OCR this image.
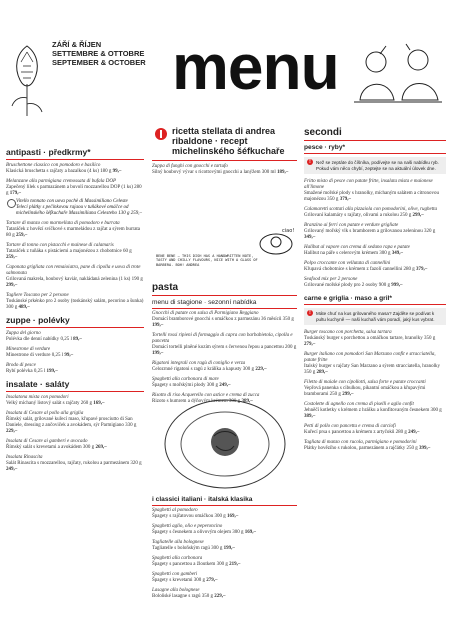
ZÁŘÍ & ŘÍJEN
SETTEMBRE & OTTOBRE
SEPTEMBER & OCTOBER menu
antipasti · předkrmy*
Bruschettone classico con pomodoro e basilico
Klasická bruschetta s rajčaty a bazalkou (4 ks) 180 g 99,–
Melanzane alla parmigiana cremossata di bufala DOP
Zapečený lilek s parmazánem a buvolí mozzarellou DOP (1 ks) 280 g 179,–
Vitello tonnato con uova pochè di Massimiliano Celeste
Telecí plátky s pečínkovou rajaou v tuňákové omáčce od michelinského šéfkuchaře Massimiliana Celesteho 130 g 259,–
Tartare di manzo con marmellata di pomodoro e burrata
Tataráček z hovězí svíčkové s marmeládou z rajčat a sýrem burrata 80 g 259,–
Tartare di tonno con pistacchi e mainese di calamaris
Tataráček z tuňáka s pistáciemi a majonézou z chobotnice 60 g 259,–
Caponata grigliata con remaioiatra, pane di cipolla e uova di trote salmonata
Grilovaná makrela, houbový kaviár, nakládaná zelenina (1 ks) 190 g 299,–
Tagliere Toscano per 2 persone
Toskánské prkénko pro 2 osoby (toskánský salám, pecorino a šunka) 300 g 489,–
zuppe · polévky
Zuppa del giorno
Polévka dle denní nabídky 0,25 l 89,–
Minestrone di verdure
Minestrone di verdure 0,25 l 99,–
Brodo di pesce
Rybí polévka 0,25 l 199,–
insalate · saláty
Insalatona mista con pomodori
Velký míchaný listový salát s rajčaty 260 g 169,–
Insalata di Cesare al pollo alla griglia
Římský salát, grilované kuřecí maso, křupavé prosciutto di San Daniele, dressing z ančoviček a avokádem, sýr Parmigiano 330 g 229,–
Insalata di Cesare ai gamberi e avocado
Římský salát s krevetami a avokádem 300 g 269,–
Insalata Rinascita
Salát Rinascita s mozzarellou, rajčaty, rukolou a parmezánem 320 g 249,–
ricetta stellata di andrea
ribaldone · recept
michelinského šéfkuchaře
Zuppa di funghi con gnocchi e tartufo
Silný houbový vývar s ricottovými gnocchi a lanýžem 300 ml 189,–
ciao!
BENE BENE – THIS DISH HAS A HANDWRITTEN NOTE, TASTY AND CHILLY FLAVOURS, NICE WITH A GLASS OF BARBERA. BOH! ANDREA
pasta
menu di stagione · sezonní nabídka
Gnocchi di patate con salsa di Parmigiano Reggiano
Domácí bramborové gnocchi s omáčkou z parmezánu 36 měsíců 350 g 199,–
Tortelli rossi ripieni di formaggio di capra con barbabietola, cipolla e pancetta
Domácí tortelli plněné kozím sýrem s červenou řepou a pancettou 200 g 199,–
Rigatoni integrali con ragù di coniglio e verza
Celozrnné rigatoni s ragú z králíka a kapusty 300 g 229,–
Spaghetti alla carbonara di mare
Špagety s mořskými plody 300 g 249,–
Risotto di riso Acquerello con astice e crema di zucca
Rizoto s humrem a dýňovým krémem 300 g 389,–
i classici italiani · italská klasika
Spaghetti al pomodoro
Špagety s rajčatovou omáčkou 300 g 169,–
Spaghetti aglio, olio e peperoncino
Špagety s česnekem a olivovým olejem 300 g 169,–
Tagliatelle alla bolognese
Tagliatelle s boloňským ragú 300 g 199,–
Spaghetti alla carbonara
Špagety s pancettou a žloutkem 300 g 219,–
Spaghetti con gamberi
Špagety s krevetami 300 g 279,–
Lasagne alla bolognese
Boloňské lasagne s ragú 350 g 229,–
secondi
pesce · ryby*
! Než se zeptáte do číšníka, podívejte se na naši nabídku ryb. Pokud vám něco chybí, zeptejte se na aktuální úlovek dne.
Fritto misto di pesce con patate fritte, insalata mista e maionese all'limone
Smažené mořské plody s hranolky, míchaným salátem a citronovou majonézou 350 g 379,–
Calamaretti scottati alla pizzaiola con pomodorini, olive, rughetta
Grilovaní kalamáry s rajčaty, olivami a rukolou 250 g 299,–
Branzino ai ferri con patate e verdure grigliate
Grilovaný mořský vlk s bramborem a grilovanou zeleninou 320 g 349,–
Halibut al vapore con crema di sedano rapa e patate
Halibut na páře s celerovým krémem 300 g 349,–
Polpo croccante con vellutata di cannellini
Křupavá chobotnice s krémem z fazolí cannellini 280 g 379,–
Seafood mix per 2 persone
Grilované mořské plody pro 2 osoby 900 g 999,–
carne e griglia · maso a gril*
! Máte chuť na kus grilovaného masa? Zajděte se podívat k pultu kuchyně — naši kuchaři vám poradí, jaký kus vybrat.
Burger toscano con porchetta, salsa tartara
Toskánský burger s porchettou a omáčkou tartare, hranolky 350 g 279,–
Burger italiano con pomodori San Marzano confit e stracciatella, patate fritte
Italský burger s rajčaty San Marzano a sýrem stracciatella, hranolky 350 g 289,–
Filetto di maiale con cipollotti, salsa forte e patate croccanti
Vepřová panenka s cibulkou, pikantní omáčkou a křupavými bramborami 250 g 299,–
Costolette di agnello con crema di piselli e aglio confit
Jehněčí kotletky s krémem z hrášku a konfitovaným česnekem 300 g 389,–
Petti di pollo con pancetta e crema di carciofi
Kuřecí prsa s pancettou a krémem z artyčoků 280 g 249,–
Tagliata di manzo con rucola, parmigiano e pomodorini
Plátky hovězího s rukolou, parmezánem a rajčátky 250 g 399,–
